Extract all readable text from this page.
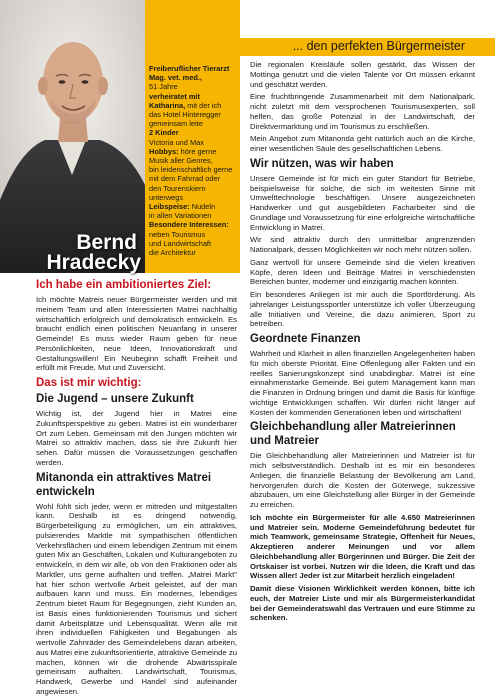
Bernd
Hradecky
Freiberuflicher Tierarzt
Mag. vet. med.,
51 Jahre
verheiratet mit
Katharina, mit der ich
das Hotel Hinteregger
gemeinsam leite
2 Kinder
Victoria und Max
Hobbys: höre gerne
Musik aller Genres,
bin leidenschaftlich gerne
mit dem Fahrrad oder
den Tourenskiern
unterwegs
Leibspeise: Nudeln
in allen Variationen
Besondere Interessen:
neben Tourismus
und Landwirtschaft
die Architektur
... den perfekten Bürgermeister
Ich habe ein ambitioniertes Ziel:

Ich möchte Matreis neuer Bürgermeister werden und mit meinem Team und allen Interessierten Matrei nachhaltig wirtschaftlich erfolgreich und demokratisch entwickeln. Es braucht endlich einen politischen Neuanfang in unserer Gemeinde! Es muss wieder Raum geben für neue Persönlichkeiten, neue Ideen, Innovationskraft und Gestaltungswillen! Ein Neubeginn schafft Freiheit und erfüllt mit Freude, Mut und Zuversicht.

Das ist mir wichtig:
Die Jugend – unsere Zukunft

Wichtig ist, der Jugend hier in Matrei eine Zukunftsperspektive zu geben. Matrei ist ein wunderbarer Ort zum Leben. Gemeinsam mit den Jungen möchten wir Matrei so attraktiv machen, dass sie ihre Zukunft hier sehen. Dafür müssen die Voraussetzungen geschaffen werden.

Mitanonda ein attraktives Matrei entwickeln

Wohl fühlt sich jeder, wenn er mitreden und mitgestalten kann. Deshalb ist es dringend notwendig, Bürgerbeteiligung zu ermöglichen, um ein attraktives, pulsierendes Marktle mit sympathischen öffentlichen Verkehrsflächen und einem lebendigen Zentrum mit einem guten Mix an Geschäften, Lokalen und Kulturangeboten zu entwickeln, in dem wir alle, ob von den Fraktionen oder als Marktler, uns gerne aufhalten und treffen. „Matrei Markt" hat hier schon wertvolle Arbeit geleistet, auf der man aufbauen kann und muss. Ein modernes, lebendiges Zentrum bietet Raum für Begegnungen, zieht Kunden an, ist Basis eines funktionierenden Tourismus und sichert damit Arbeitsplätze und Lebensqualität. Wenn alle mit ihren individuellen Fähigkeiten und Begabungen als wertvolle Zahnräder des Gemeindelebens daran arbeiten, aus Matrei eine zukunftsorientierte, attraktive Gemeinde zu machen, können wir die drohende Abwärtsspirale gemeinsam aufhalten. Landwirtschaft, Tourismus, Handwerk, Gewerbe und Handel sind aufeinander angewiesen.

Die regionalen Kreisläufe sollen gestärkt, das Wissen der Mottinga genutzt und die vielen Talente vor Ort müssen erkannt und geschätzt werden.

Eine fruchtbringende Zusammenarbeit mit dem Nationalpark, nicht zuletzt mit dem versprochenen Tourismusexperten, soll helfen, das große Potenzial in der Landwirtschaft, der Direktvermarktung und im Tourismus zu erschließen.

Mein Angebot zum Mitanonda geht natürlich auch an die Kirche, einer wesentlichen Säule des gesellschaftlichen Lebens.

Wir nützen, was wir haben

Unsere Gemeinde ist für mich ein guter Standort für Betriebe, beispielsweise für solche, die sich im weitesten Sinne mit Umwelttechnologie beschäftigen. Unsere ausgezeichneten Handwerker und gut ausgebildeten Facharbeiter sind die Grundlage und Voraussetzung für eine erfolgreiche wirtschaftliche Entwicklung in Matrei.

Wir sind attraktiv durch den unmittelbar angrenzenden Nationalpark, dessen Möglichkeiten wir noch mehr nützen sollen.

Ganz wertvoll für unsere Gemeinde sind die vielen kreativen Köpfe, deren Ideen und Beiträge Matrei in verschiedensten Bereichen bunter, moderner und einzigartig machen könnten.

Ein besonderes Anliegen ist mir auch die Sportförderung. Als jahrelanger Leistungssportler unterstütze ich voller Überzeugung alle Initiativen und Vereine, die dazu animieren, Sport zu betreiben.

Geordnete Finanzen

Wahrheit und Klarheit in allen finanziellen Angelegenheiten haben für mich oberste Priorität. Eine Offenlegung aller Fakten und ein reelles Sanierungskonzept sind unabdingbar. Matrei ist eine einnahmenstarke Gemeinde. Bei gutem Management kann man die Finanzen in Ordnung bringen und damit die Basis für künftige wichtige Entwicklungen schaffen. Wir dürfen nicht länger auf Kosten der kommenden Generationen leben und wirtschaften!

Gleichbehandlung aller Matreierinnen und Matreier

Die Gleichbehandlung aller Matreierinnen und Matreier ist für mich selbstverständlich. Deshalb ist es mir ein besonderes Anliegen, die finanzielle Belastung der Bevölkerung am Land, hervorgerufen durch die Kosten der Güterwege, sukzessive abzubauen, um eine Gleichstellung aller Bürger in der Gemeinde zu erreichen.

Ich möchte ein Bürgermeister für alle 4.650 Matreierinnen und Matreier sein. Moderne Gemeindeführung bedeutet für mich Teamwork, gemeinsame Strategie, Offenheit für Neues, Akzeptieren anderer Meinungen und vor allem Gleichbehandlung aller Bürgerinnen und Bürger. Die Zeit der Ortskaiser ist vorbei. Nutzen wir die Ideen, die Kraft und das Wissen aller! Jeder ist zur Mitarbeit herzlich eingeladen!

Damit diese Visionen Wirklichkeit werden können, bitte ich euch, der Matreier Liste und mir als Bürgermeisterkandidat bei der Gemeinderatswahl das Vertrauen und eure Stimme zu schenken.
